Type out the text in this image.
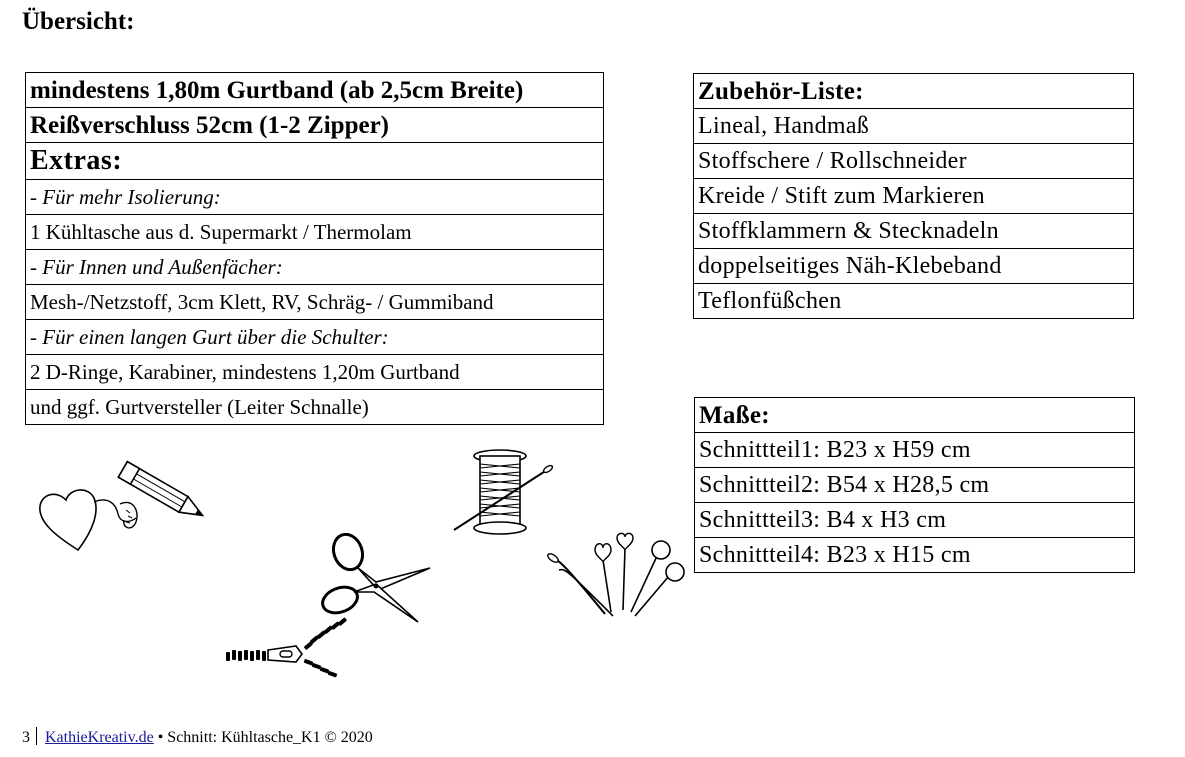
Übersicht:
mindestens 1,80m Gurtband (ab 2,5cm Breite)
Reißverschluss 52cm (1-2 Zipper)
Extras:
- Für mehr Isolierung:
1 Kühltasche aus d. Supermarkt / Thermolam
- Für Innen und Außenfächer:
Mesh-/Netzstoff, 3cm Klett, RV, Schräg- / Gummiband
- Für einen langen Gurt über die Schulter:
2 D-Ringe, Karabiner, mindestens 1,20m Gurtband
und ggf. Gurtversteller (Leiter Schnalle)
Zubehör-Liste:
Lineal, Handmaß
Stoffschere / Rollschneider
Kreide / Stift zum Markieren
Stoffklammern & Stecknadeln
doppelseitiges Näh-Klebeband
Teflonfüßchen
Maße:
Schnittteil1: B23 x H59 cm
Schnittteil2: B54 x H28,5 cm
Schnittteil3: B4 x H3 cm
Schnittteil4: B23 x H15 cm
3 KathieKreativ.de • Schnitt: Kühltasche_K1 © 2020
